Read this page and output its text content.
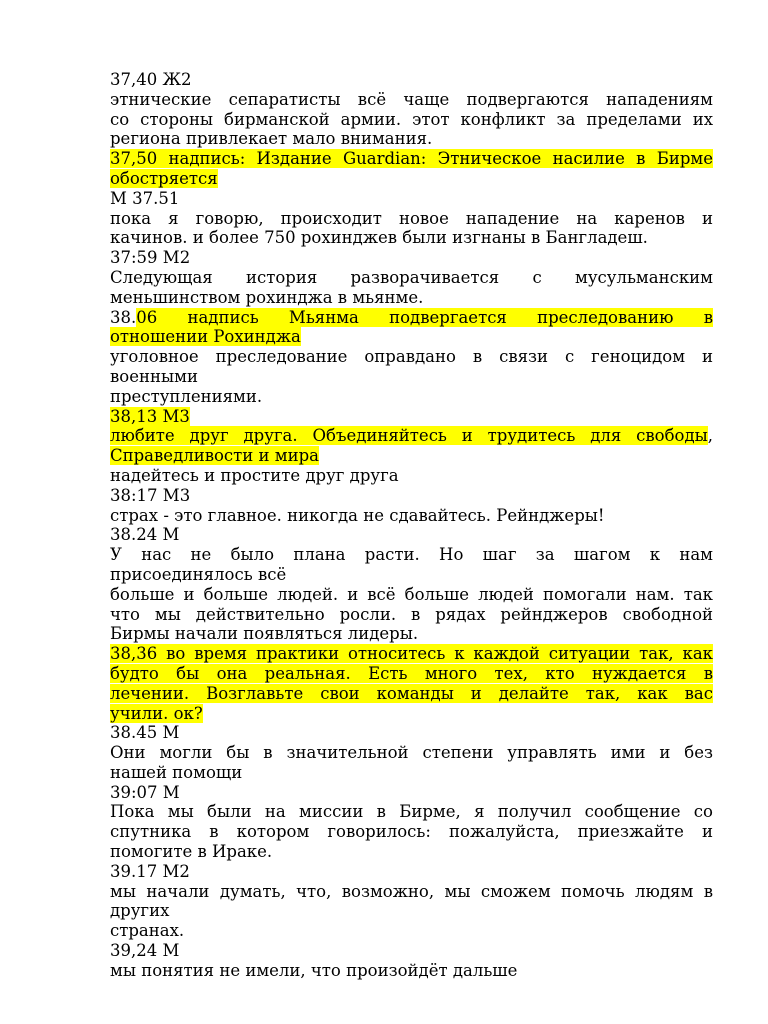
37,40 Ж2
этнические сепаратисты всё чаще подвергаются нападениям
со стороны бирманской армии. этот конфликт за пределами их
региона привлекает мало внимания.
37,50 надпись: Издание Guardian: Этническое насилие в Бирме
обостряется
М 37.51
пока я говорю, происходит новое нападение на каренов и
качинов. и более 750 рохинджев были изгнаны в Бангладеш.
37:59 М2
Следующая история разворачивается с мусульманским
меньшинством рохинджа в мьянме.
38.06 надпись Мьянма подвергается преследованию в
отношении Рохинджа
уголовное преследование оправдано в связи с геноцидом и
военными
преступлениями.
38,13 М3
любите друг друга. Объединяйтесь и трудитесь для свободы,
Справедливости и мира
надейтесь и простите друг друга
38:17 М3
страх - это главное. никогда не сдавайтесь. Рейнджеры!
38.24 М
У нас не было плана расти. Но шаг за шагом к нам
присоединялось всё
больше и больше людей. и всё больше людей помогали нам. так
что мы действительно росли. в рядах рейнджеров свободной
Бирмы начали появляться лидеры.
38,36 во время практики относитесь к каждой ситуации так, как
будто бы она реальная. Есть много тех, кто нуждается в
лечении. Возглавьте свои команды и делайте так, как вас
учили. ок?
38.45 М
Они могли бы в значительной степени управлять ими и без
нашей помощи
39:07 М
Пока мы были на миссии в Бирме, я получил сообщение со
спутника в котором говорилось: пожалуйста, приезжайте и
помогите в Ираке.
39.17 М2
мы начали думать, что, возможно, мы сможем помочь людям в
других
странах.
39,24 М
мы понятия не имели, что произойдёт дальше
